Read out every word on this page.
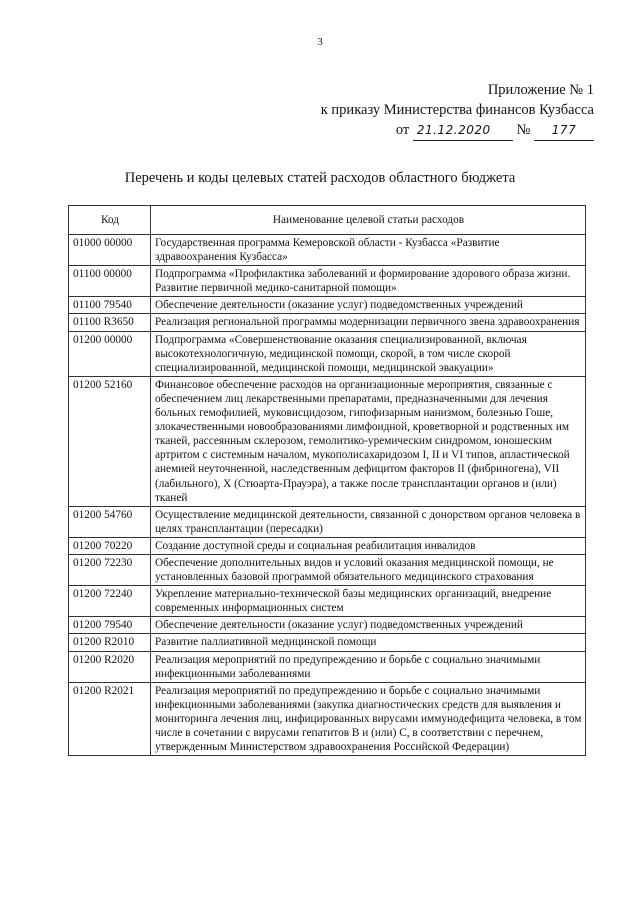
3
Приложение № 1
к приказу Министерства финансов Кузбасса
от 21.12.2020 № 177
Перечень и коды целевых статей расходов областного бюджета
Код	Наименование целевой статьи расходов
01000 00000	Государственная программа Кемеровской области - Кузбасса «Развитие здравоохранения Кузбасса»
01100 00000	Подпрограмма «Профилактика заболеваний и формирование здорового образа жизни. Развитие первичной медико-санитарной помощи»
01100 79540	Обеспечение деятельности (оказание услуг) подведомственных учреждений
01100 R3650	Реализация региональной программы модернизации первичного звена здравоохранения
01200 00000	Подпрограмма «Совершенствование оказания специализированной, включая высокотехнологичную, медицинской помощи, скорой, в том числе скорой специализированной, медицинской помощи, медицинской эвакуации»
01200 52160	Финансовое обеспечение расходов на организационные мероприятия, связанные с обеспечением лиц лекарственными препаратами, предназначенными для лечения больных гемофилией, муковисцидозом, гипофизарным нанизмом, болезнью Гоше, злокачественными новообразованиями лимфоидной, кроветворной и родственных им тканей, рассеянным склерозом, гемолитико-уремическим синдромом, юношеским артритом с системным началом, мукополисахаридозом I, II и VI типов, апластической анемией неуточненной, наследственным дефицитом факторов II (фибриногена), VII (лабильного), X (Стюарта-Прауэра), а также после трансплантации органов и (или) тканей
01200 54760	Осуществление медицинской деятельности, связанной с донорством органов человека в целях трансплантации (пересадки)
01200 70220	Создание доступной среды и социальная реабилитация инвалидов
01200 72230	Обеспечение дополнительных видов и условий оказания медицинской помощи, не установленных базовой программой обязательного медицинского страхования
01200 72240	Укрепление материально-технической базы медицинских организаций, внедрение современных информационных систем
01200 79540	Обеспечение деятельности (оказание услуг) подведомственных учреждений
01200 R2010	Развитие паллиативной медицинской помощи
01200 R2020	Реализация мероприятий по предупреждению и борьбе с социально значимыми инфекционными заболеваниями
01200 R2021	Реализация мероприятий по предупреждению и борьбе с социально значимыми инфекционными заболеваниями (закупка диагностических средств для выявления и мониторинга лечения лиц, инфицированных вирусами иммунодефицита человека, в том числе в сочетании с вирусами гепатитов B и (или) C, в соответствии с перечнем, утвержденным Министерством здравоохранения Российской Федерации)
